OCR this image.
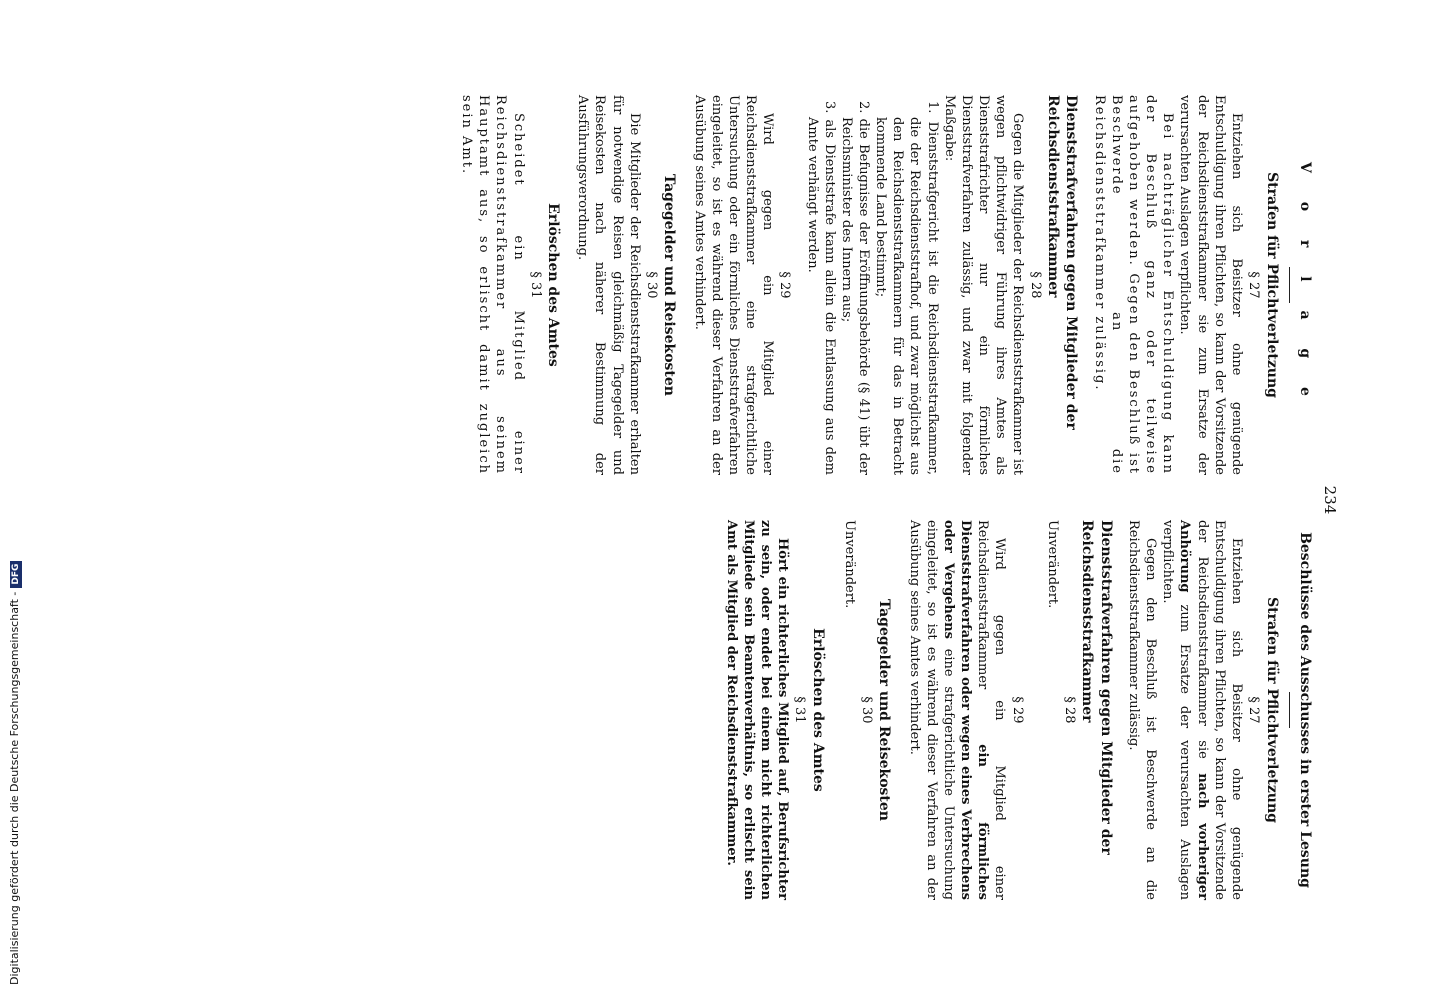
V o r l a g e

Strafen für Pflichtverletzung

§ 27

Entziehen sich Beisitzer ohne genügende Entschuldigung ihren Pflichten, so kann der Vorsitzende der Reichsdienststrafkammer sie zum Ersatze der verursachten Auslagen verpflichten.

Bei nachträglicher Entschuldigung kann der Beschluß ganz oder teilweise aufgehoben werden. Gegen den Beschluß ist Beschwerde an die Reichsdienststrafkammer zulässig.

Dienststrafverfahren gegen Mitglieder der Reichsdienststrafkammer

§ 28

Gegen die Mitglieder der Reichsdienststrafkammer ist wegen pflichtwidriger Führung ihres Amtes als Dienststrafrichter nur ein förmliches Dienststrafverfahren zulässig, und zwar mit folgender Maßgabe:

1. Dienststrafgericht ist die Reichsdienststrafkammer, die der Reichsdienststrafhof, und zwar möglichst aus den Reichsdienststrafkammern für das in Betracht kommende Land bestimmt;

2. die Befugnisse der Eröffnungsbehörde (§ 41) übt der Reichsminister des Innern aus;

3. als Dienststrafe kann allein die Entlassung aus dem Amte verhängt werden.

§ 29

Wird gegen ein Mitglied einer Reichsdienststrafkammer eine strafgerichtliche Untersuchung oder ein förmliches Dienststrafverfahren eingeleitet, so ist es während dieser Verfahren an der Ausübung seines Amtes verhindert.

Tagegelder und Reisekosten

§ 30

Die Mitglieder der Reichsdienststrafkammer erhalten für notwendige Reisen gleichmäßig Tagegelder und Reisekosten nach näherer Bestimmung der Ausführungsverordnung.

Erlöschen des Amtes

§ 31

Scheidet ein Mitglied einer Reichsdienststrafkammer aus seinem Hauptamt aus, so erlischt damit zugleich sein Amt.

234

Beschlüsse des Ausschusses in erster Lesung

Strafen für Pflichtverletzung

§ 27

Entziehen sich Beisitzer ohne genügende Entschuldigung ihren Pflichten, so kann der Vorsitzende der Reichsdienststrafkammer sie nach vorheriger Anhörung zum Ersatze der verursachten Auslagen verpflichten.

Gegen den Beschluß ist Beschwerde an die Reichsdienststrafkammer zulässig.

Dienststrafverfahren gegen Mitglieder der Reichsdienststrafkammer

§ 28

Unverändert.

§ 29

Wird gegen ein Mitglied einer Reichsdienststrafkammer ein förmliches Dienststrafverfahren oder wegen eines Verbrechens oder Vergehens eine strafgerichtliche Untersuchung eingeleitet, so ist es während dieser Verfahren an der Ausübung seines Amtes verhindert.

Tagegelder und Reisekosten

§ 30

Unverändert.

Erlöschen des Amtes

§ 31

Hört ein richterliches Mitglied auf, Berufsrichter zu sein, oder endet bei einem nicht richterlichen Mitgliede sein Beamtenverhältnis, so erlischt sein Amt als Mitglied der Reichsdienststrafkammer.

Digitalisierung gefördert durch die Deutsche Forschungsgemeinschaft -DFG
